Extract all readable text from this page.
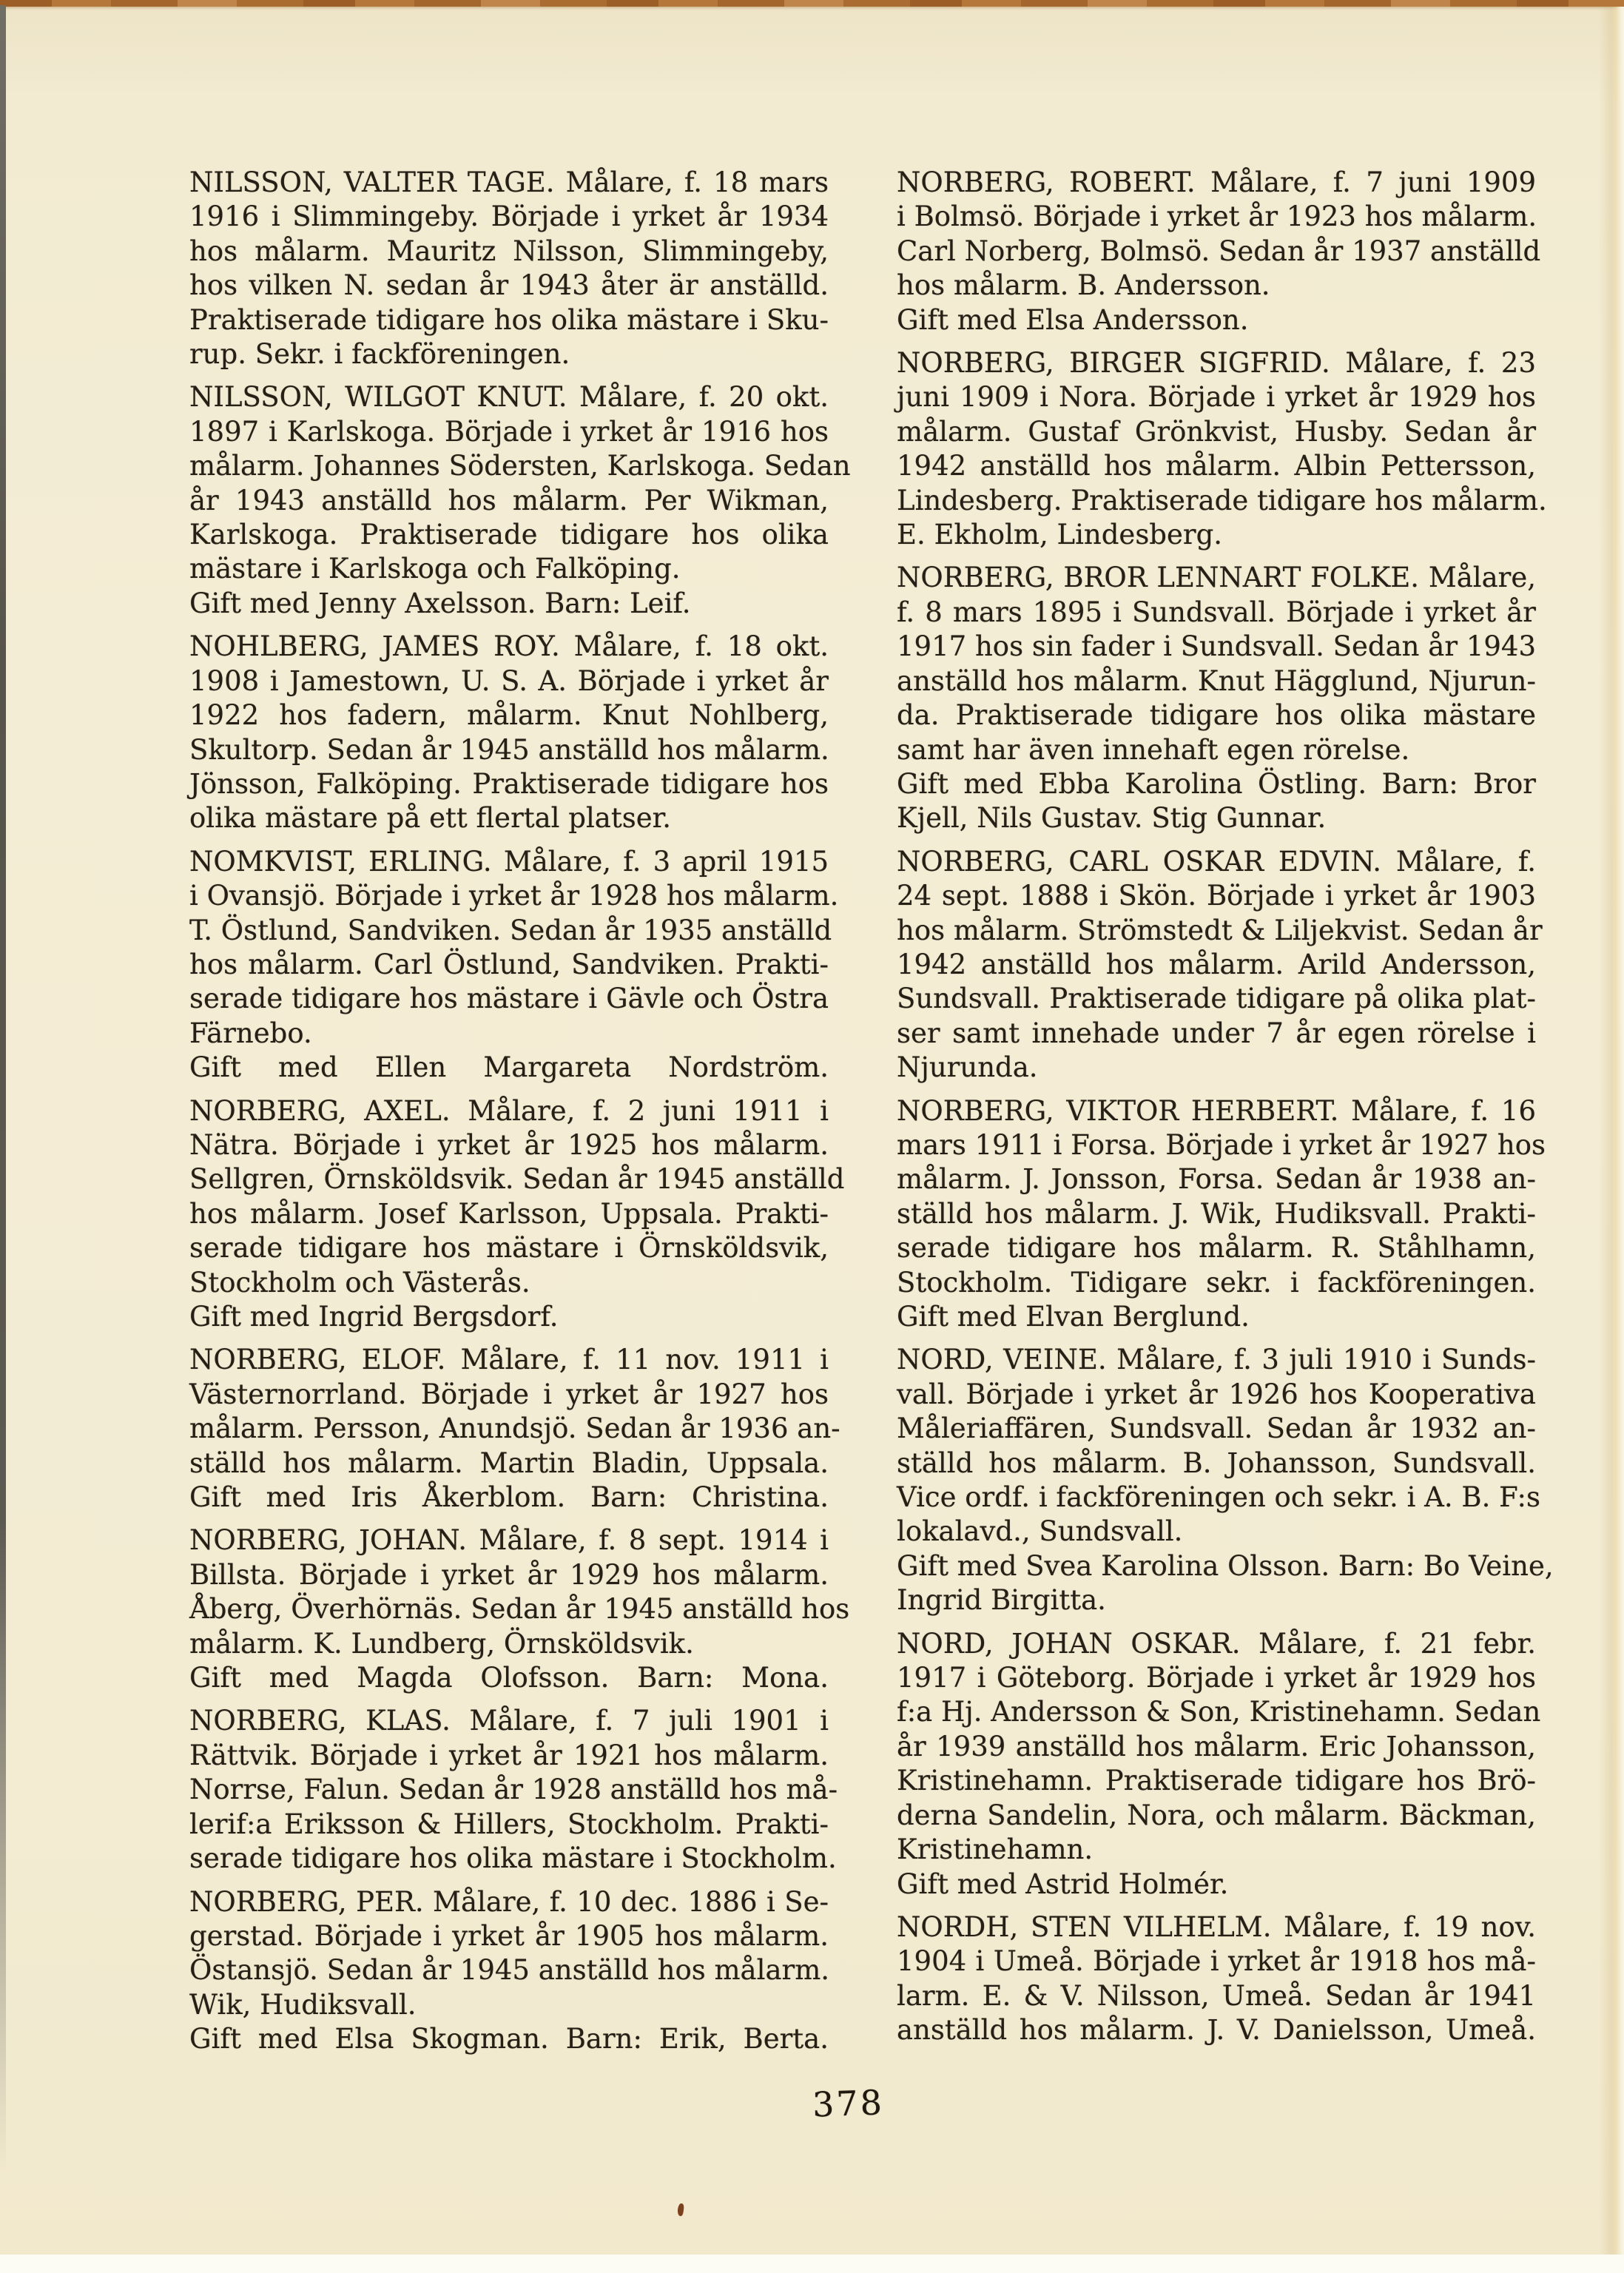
NILSSON, VALTER TAGE. Målare, f. 18 mars
1916 i Slimmingeby. Började i yrket år 1934
hos målarm. Mauritz Nilsson, Slimmingeby,
hos vilken N. sedan år 1943 åter är anställd.
Praktiserade tidigare hos olika mästare i Sku-
rup. Sekr. i fackföreningen.
NILSSON, WILGOT KNUT. Målare, f. 20 okt.
1897 i Karlskoga. Började i yrket år 1916 hos
målarm. Johannes Södersten, Karlskoga. Sedan
år 1943 anställd hos målarm. Per Wikman,
Karlskoga. Praktiserade tidigare hos olika
mästare i Karlskoga och Falköping.
Gift med Jenny Axelsson. Barn: Leif.
NOHLBERG, JAMES ROY. Målare, f. 18 okt.
1908 i Jamestown, U. S. A. Började i yrket år
1922 hos fadern, målarm. Knut Nohlberg,
Skultorp. Sedan år 1945 anställd hos målarm.
Jönsson, Falköping. Praktiserade tidigare hos
olika mästare på ett flertal platser.
NOMKVIST, ERLING. Målare, f. 3 april 1915
i Ovansjö. Började i yrket år 1928 hos målarm.
T. Östlund, Sandviken. Sedan år 1935 anställd
hos målarm. Carl Östlund, Sandviken. Prakti-
serade tidigare hos mästare i Gävle och Östra
Färnebo.
Gift med Ellen Margareta Nordström.
NORBERG, AXEL. Målare, f. 2 juni 1911 i
Nätra. Började i yrket år 1925 hos målarm.
Sellgren, Örnsköldsvik. Sedan år 1945 anställd
hos målarm. Josef Karlsson, Uppsala. Prakti-
serade tidigare hos mästare i Örnsköldsvik,
Stockholm och Västerås.
Gift med Ingrid Bergsdorf.
NORBERG, ELOF. Målare, f. 11 nov. 1911 i
Västernorrland. Började i yrket år 1927 hos
målarm. Persson, Anundsjö. Sedan år 1936 an-
ställd hos målarm. Martin Bladin, Uppsala.
Gift med Iris Åkerblom. Barn: Christina.
NORBERG, JOHAN. Målare, f. 8 sept. 1914 i
Billsta. Började i yrket år 1929 hos målarm.
Åberg, Överhörnäs. Sedan år 1945 anställd hos
målarm. K. Lundberg, Örnsköldsvik.
Gift med Magda Olofsson. Barn: Mona.
NORBERG, KLAS. Målare, f. 7 juli 1901 i
Rättvik. Började i yrket år 1921 hos målarm.
Norrse, Falun. Sedan år 1928 anställd hos må-
lerif:a Eriksson & Hillers, Stockholm. Prakti-
serade tidigare hos olika mästare i Stockholm.
NORBERG, PER. Målare, f. 10 dec. 1886 i Se-
gerstad. Började i yrket år 1905 hos målarm.
Östansjö. Sedan år 1945 anställd hos målarm.
Wik, Hudiksvall.
Gift med Elsa Skogman. Barn: Erik, Berta.
NORBERG, ROBERT. Målare, f. 7 juni 1909
i Bolmsö. Började i yrket år 1923 hos målarm.
Carl Norberg, Bolmsö. Sedan år 1937 anställd
hos målarm. B. Andersson.
Gift med Elsa Andersson.
NORBERG, BIRGER SIGFRID. Målare, f. 23
juni 1909 i Nora. Började i yrket år 1929 hos
målarm. Gustaf Grönkvist, Husby. Sedan år
1942 anställd hos målarm. Albin Pettersson,
Lindesberg. Praktiserade tidigare hos målarm.
E. Ekholm, Lindesberg.
NORBERG, BROR LENNART FOLKE. Målare,
f. 8 mars 1895 i Sundsvall. Började i yrket år
1917 hos sin fader i Sundsvall. Sedan år 1943
anställd hos målarm. Knut Hägglund, Njurun-
da. Praktiserade tidigare hos olika mästare
samt har även innehaft egen rörelse.
Gift med Ebba Karolina Östling. Barn: Bror
Kjell, Nils Gustav. Stig Gunnar.
NORBERG, CARL OSKAR EDVIN. Målare, f.
24 sept. 1888 i Skön. Började i yrket år 1903
hos målarm. Strömstedt & Liljekvist. Sedan år
1942 anställd hos målarm. Arild Andersson,
Sundsvall. Praktiserade tidigare på olika plat-
ser samt innehade under 7 år egen rörelse i
Njurunda.
NORBERG, VIKTOR HERBERT. Målare, f. 16
mars 1911 i Forsa. Började i yrket år 1927 hos
målarm. J. Jonsson, Forsa. Sedan år 1938 an-
ställd hos målarm. J. Wik, Hudiksvall. Prakti-
serade tidigare hos målarm. R. Ståhlhamn,
Stockholm. Tidigare sekr. i fackföreningen.
Gift med Elvan Berglund.
NORD, VEINE. Målare, f. 3 juli 1910 i Sunds-
vall. Började i yrket år 1926 hos Kooperativa
Måleriaffären, Sundsvall. Sedan år 1932 an-
ställd hos målarm. B. Johansson, Sundsvall.
Vice ordf. i fackföreningen och sekr. i A. B. F:s
lokalavd., Sundsvall.
Gift med Svea Karolina Olsson. Barn: Bo Veine,
Ingrid Birgitta.
NORD, JOHAN OSKAR. Målare, f. 21 febr.
1917 i Göteborg. Började i yrket år 1929 hos
f:a Hj. Andersson & Son, Kristinehamn. Sedan
år 1939 anställd hos målarm. Eric Johansson,
Kristinehamn. Praktiserade tidigare hos Brö-
derna Sandelin, Nora, och målarm. Bäckman,
Kristinehamn.
Gift med Astrid Holmér.
NORDH, STEN VILHELM. Målare, f. 19 nov.
1904 i Umeå. Började i yrket år 1918 hos må-
larm. E. & V. Nilsson, Umeå. Sedan år 1941
anställd hos målarm. J. V. Danielsson, Umeå.
378
